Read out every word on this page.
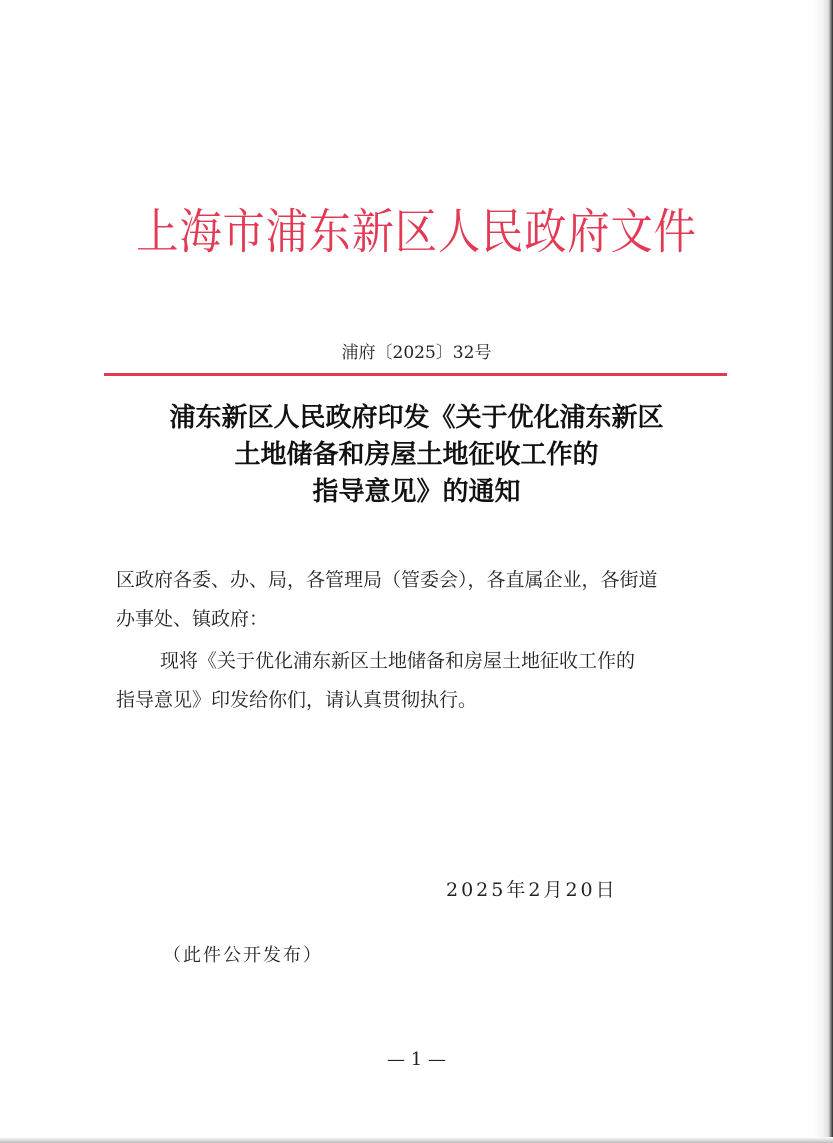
上海市浦东新区人民政府文件
浦府〔2025〕32号
浦东新区人民政府印发《关于优化浦东新区
土地储备和房屋土地征收工作的
指导意见》的通知
区政府各委、办、局，各管理局（管委会），各直属企业，各街道
办事处、镇政府：
现将《关于优化浦东新区土地储备和房屋土地征收工作的
指导意见》印发给你们，请认真贯彻执行。
2025年2月20日
（此件公开发布）
— 1 —
